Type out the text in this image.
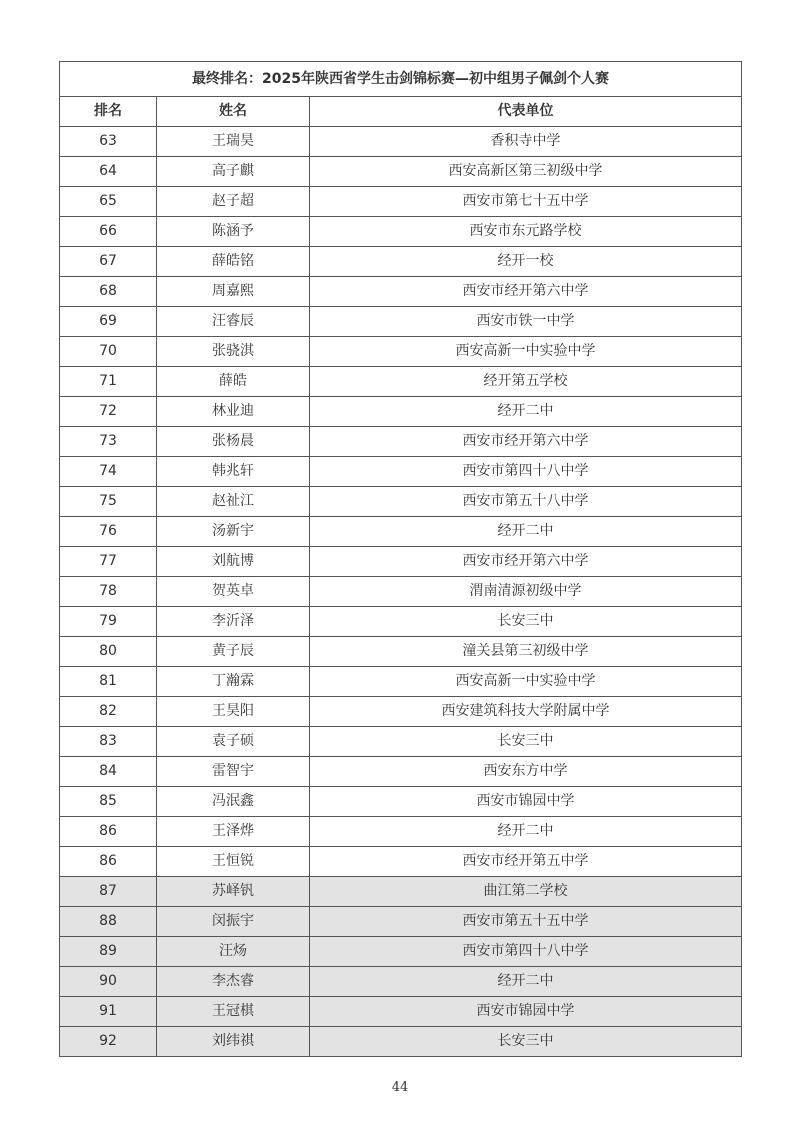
最终排名：2025年陕西省学生击剑锦标赛—初中组男子佩剑个人赛		
排名	姓名	代表单位
63	王瑞昊	香积寺中学
64	高子麒	西安高新区第三初级中学
65	赵子超	西安市第七十五中学
66	陈涵予	西安市东元路学校
67	薛皓铭	经开一校
68	周嘉熙	西安市经开第六中学
69	汪睿辰	西安市铁一中学
70	张骁淇	西安高新一中实验中学
71	薛皓	经开第五学校
72	林业迪	经开二中
73	张杨晨	西安市经开第六中学
74	韩兆轩	西安市第四十八中学
75	赵祉江	西安市第五十八中学
76	汤新宇	经开二中
77	刘航博	西安市经开第六中学
78	贺英卓	渭南清源初级中学
79	李沂泽	长安三中
80	黄子辰	潼关县第三初级中学
81	丁瀚霖	西安高新一中实验中学
82	王昊阳	西安建筑科技大学附属中学
83	袁子硕	长安三中
84	雷智宇	西安东方中学
85	冯泯鑫	西安市锦园中学
86	王泽烨	经开二中
86	王恒锐	西安市经开第五中学
87	苏峄钒	曲江第二学校
88	闵振宇	西安市第五十五中学
89	汪炀	西安市第四十八中学
90	李杰睿	经开二中
91	王冠棋	西安市锦园中学
92	刘纬祺	长安三中
44
